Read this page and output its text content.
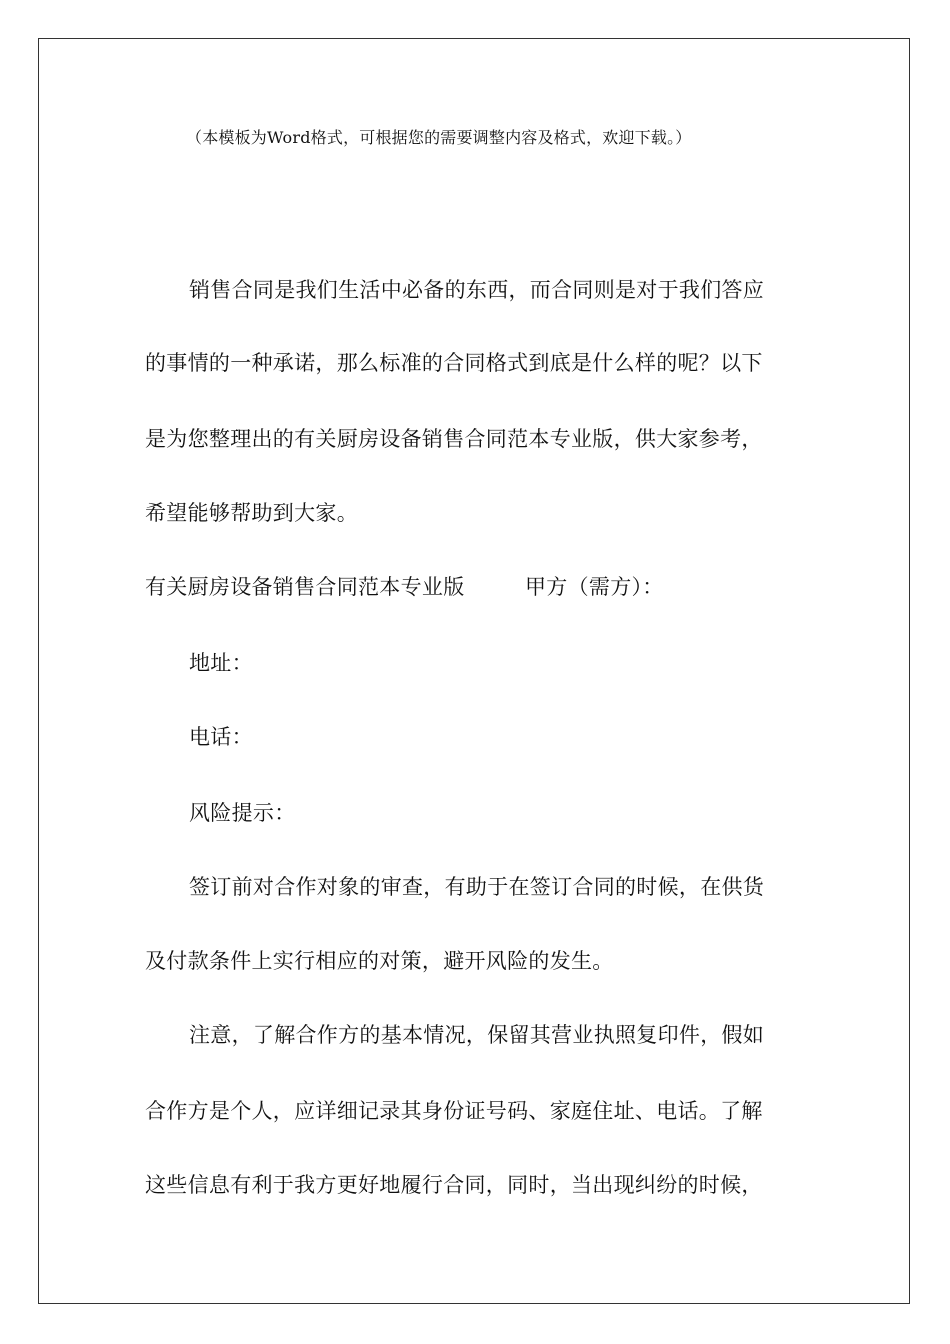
（本模板为Word格式，可根据您的需要调整内容及格式，欢迎下载。）
销售合同是我们生活中必备的东西，而合同则是对于我们答应
的事情的一种承诺，那么标准的合同格式到底是什么样的呢？以下
是为您整理出的有关厨房设备销售合同范本专业版，供大家参考，
希望能够帮助到大家。
有关厨房设备销售合同范本专业版	甲方（需方）：
地址：
电话：
风险提示：
签订前对合作对象的审查，有助于在签订合同的时候，在供货
及付款条件上实行相应的对策，避开风险的发生。
注意，了解合作方的基本情况，保留其营业执照复印件，假如
合作方是个人，应详细记录其身份证号码、家庭住址、电话。了解
这些信息有利于我方更好地履行合同，同时，当出现纠纷的时候，
